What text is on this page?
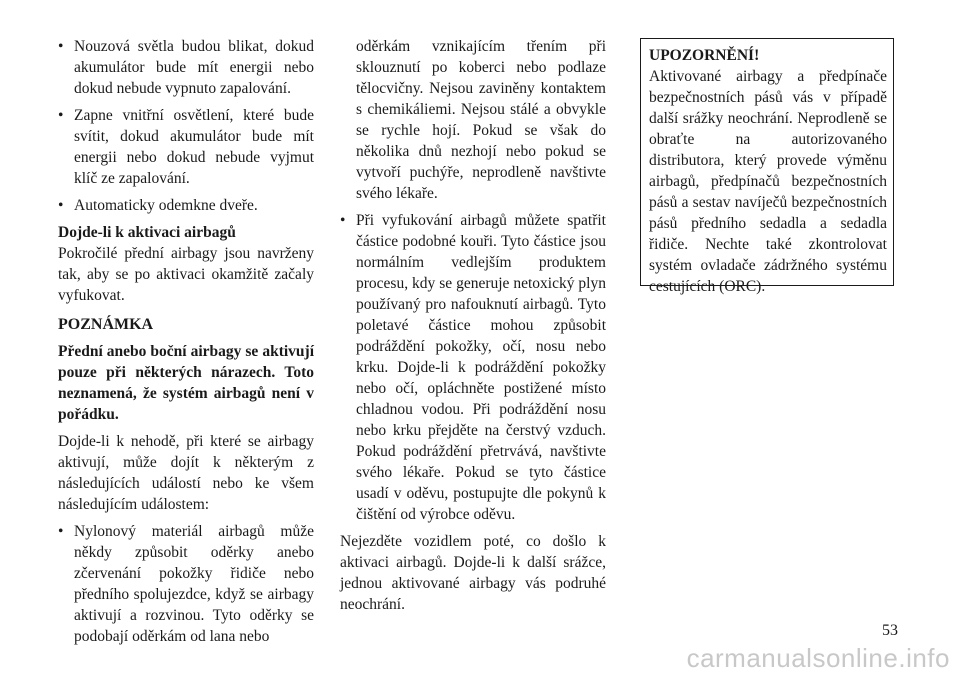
• Nouzová světla budou blikat, dokud akumulátor bude mít energii nebo dokud nebude vypnuto zapalování.

• Zapne vnitřní osvětlení, které bude svítit, dokud akumulátor bude mít energii nebo dokud nebude vyjmut klíč ze zapalování.

• Automaticky odemkne dveře.

Dojde-li k aktivaci airbagů

Pokročilé přední airbagy jsou navrženy tak, aby se po aktivaci okamžitě začaly vyfukovat.

POZNÁMKA

Přední anebo boční airbagy se aktivují pouze při některých nárazech. Toto neznamená, že systém airbagů není v pořádku.

Dojde-li k nehodě, při které se airbagy aktivují, může dojít k některým z následujících událostí nebo ke všem následujícím událostem:

• Nylonový materiál airbagů může někdy způsobit oděrky anebo zčervenání pokožky řidiče nebo předního spolujezdce, když se airbagy aktivují a rozvinou. Tyto oděrky se podobají oděrkám od lana nebo

oděrkám vznikajícím třením při sklouznutí po koberci nebo podlaze tělocvičny. Nejsou zaviněny kontaktem s chemikáliemi. Nejsou stálé a obvykle se rychle hojí. Pokud se však do několika dnů nezhojí nebo pokud se vytvoří puchýře, neprodleně navštivte svého lékaře.

• Při vyfukování airbagů můžete spatřit částice podobné kouři. Tyto částice jsou normálním vedlejším produktem procesu, kdy se generuje netoxický plyn používaný pro nafouknutí airbagů. Tyto poletavé částice mohou způsobit podráždění pokožky, očí, nosu nebo krku. Dojde-li k podráždění pokožky nebo očí, opláchněte postižené místo chladnou vodou. Při podráždění nosu nebo krku přejděte na čerstvý vzduch. Pokud podráždění přetrvává, navštivte svého lékaře. Pokud se tyto částice usadí v oděvu, postupujte dle pokynů k čištění od výrobce oděvu.

Nejezděte vozidlem poté, co došlo k aktivaci airbagů. Dojde-li k další srážce, jednou aktivované airbagy vás podruhé neochrání.

UPOZORNĚNÍ!

Aktivované airbagy a předpínače bezpečnostních pásů vás v případě další srážky neochrání. Neprodleně se obraťte na autorizovaného distributora, který provede výměnu airbagů, předpínačů bezpečnostních pásů a sestav navíječů bezpečnostních pásů předního sedadla a sedadla řidiče. Nechte také zkontrolovat systém ovladače zádržného systému cestujících (ORC).

53
carmanualsonline.info
